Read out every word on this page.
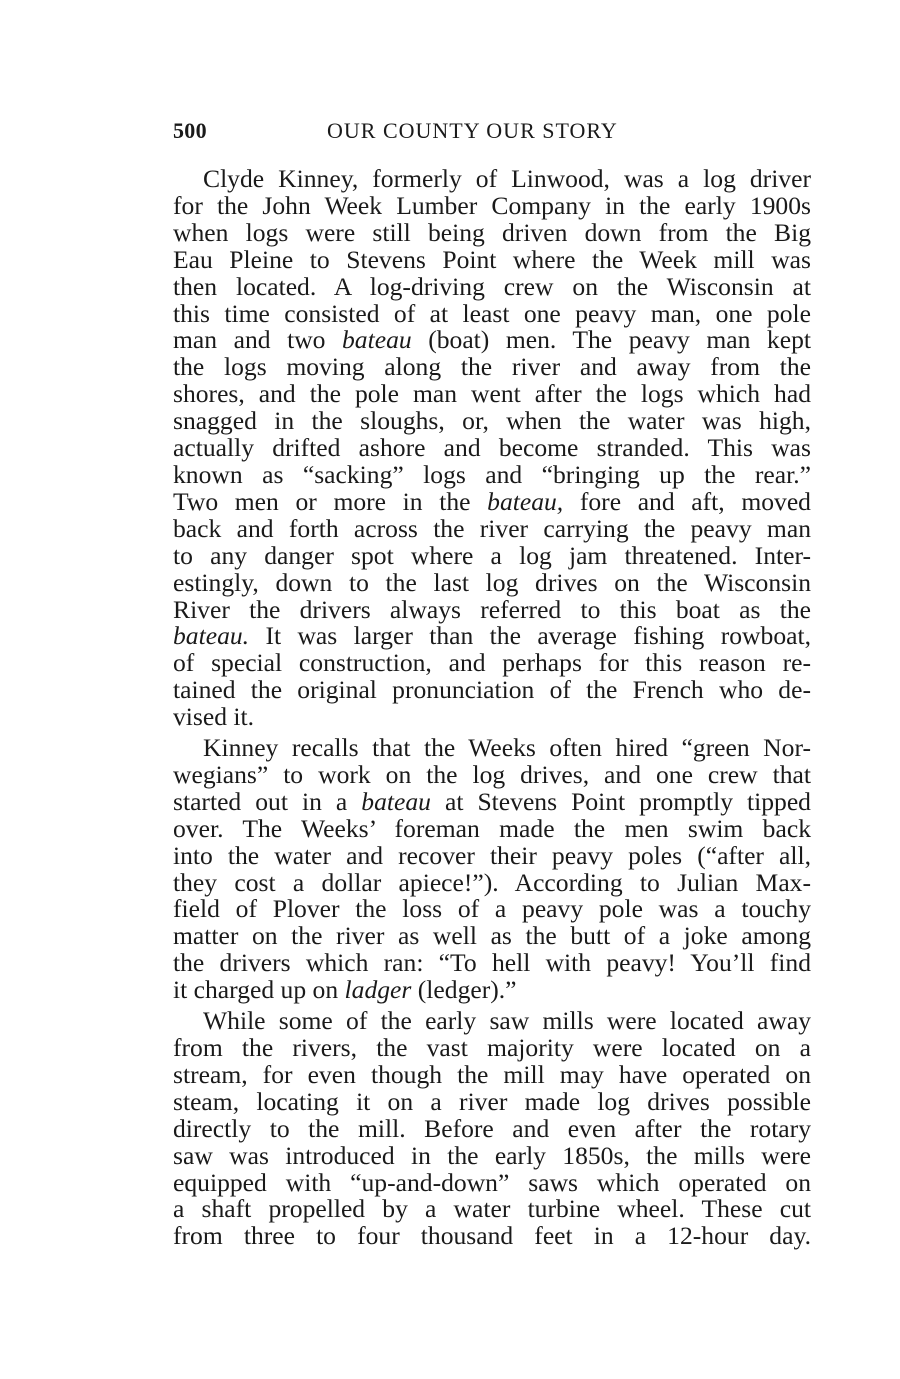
500	OUR COUNTY OUR STORY
Clyde Kinney, formerly of Linwood, was a log driver
for the John Week Lumber Company in the early 1900s
when logs were still being driven down from the Big
Eau Pleine to Stevens Point where the Week mill was
then located. A log-driving crew on the Wisconsin at
this time consisted of at least one peavy man, one pole
man and two bateau (boat) men. The peavy man kept
the logs moving along the river and away from the
shores, and the pole man went after the logs which had
snagged in the sloughs, or, when the water was high,
actually drifted ashore and become stranded. This was
known as “sacking” logs and “bringing up the rear.”
Two men or more in the bateau, fore and aft, moved
back and forth across the river carrying the peavy man
to any danger spot where a log jam threatened. Inter-
estingly, down to the last log drives on the Wisconsin
River the drivers always referred to this boat as the
bateau. It was larger than the average fishing rowboat,
of special construction, and perhaps for this reason re-
tained the original pronunciation of the French who de-
vised it.
Kinney recalls that the Weeks often hired “green Nor-
wegians” to work on the log drives, and one crew that
started out in a bateau at Stevens Point promptly tipped
over. The Weeks’ foreman made the men swim back
into the water and recover their peavy poles (“after all,
they cost a dollar apiece!”). According to Julian Max-
field of Plover the loss of a peavy pole was a touchy
matter on the river as well as the butt of a joke among
the drivers which ran: “To hell with peavy! You’ll find
it charged up on ladger (ledger).”
While some of the early saw mills were located away
from the rivers, the vast majority were located on a
stream, for even though the mill may have operated on
steam, locating it on a river made log drives possible
directly to the mill. Before and even after the rotary
saw was introduced in the early 1850s, the mills were
equipped with “up-and-down” saws which operated on
a shaft propelled by a water turbine wheel. These cut
from three to four thousand feet in a 12-hour day.
